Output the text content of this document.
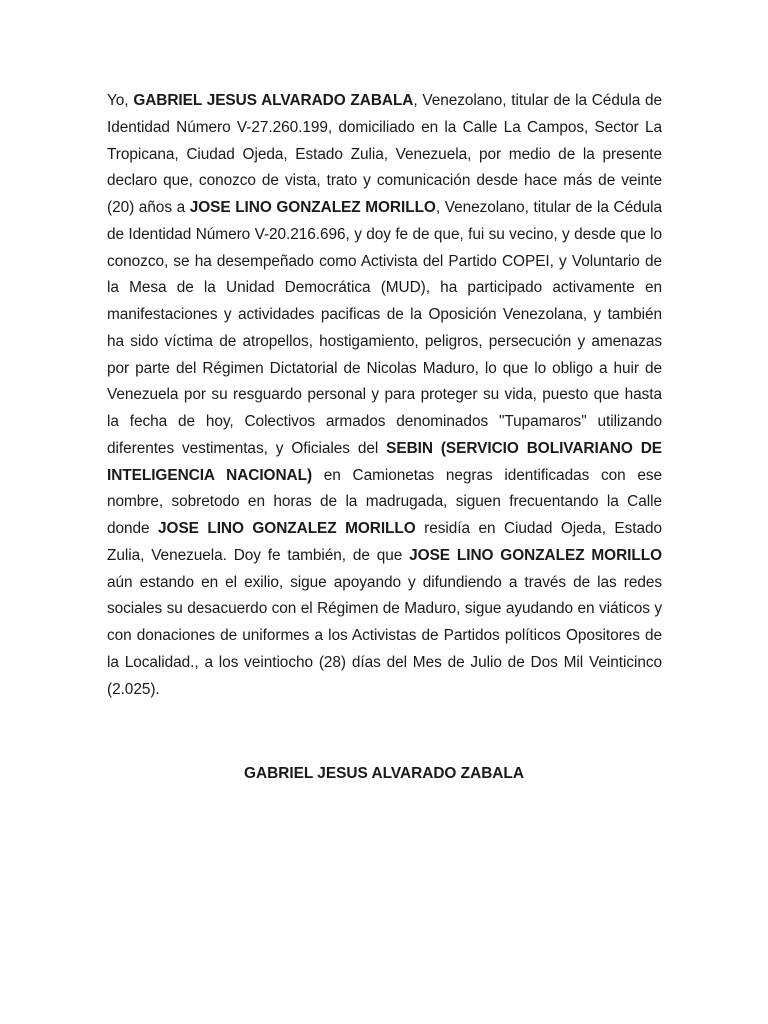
Yo, GABRIEL JESUS ALVARADO ZABALA, Venezolano, titular de la Cédula de Identidad Número V-27.260.199, domiciliado en la Calle La Campos, Sector La Tropicana, Ciudad Ojeda, Estado Zulia, Venezuela, por medio de la presente declaro que, conozco de vista, trato y comunicación desde hace más de veinte (20) años a JOSE LINO GONZALEZ MORILLO, Venezolano, titular de la Cédula de Identidad Número V-20.216.696, y doy fe de que, fui su vecino, y desde que lo conozco, se ha desempeñado como Activista del Partido COPEI, y Voluntario de la Mesa de la Unidad Democrática (MUD), ha participado activamente en manifestaciones y actividades pacificas de la Oposición Venezolana, y también ha sido víctima de atropellos, hostigamiento, peligros, persecución y amenazas por parte del Régimen Dictatorial de Nicolas Maduro, lo que lo obligo a huir de Venezuela por su resguardo personal y para proteger su vida, puesto que hasta la fecha de hoy, Colectivos armados denominados "Tupamaros" utilizando diferentes vestimentas, y Oficiales del SEBIN (SERVICIO BOLIVARIANO DE INTELIGENCIA NACIONAL) en Camionetas negras identificadas con ese nombre, sobretodo en horas de la madrugada, siguen frecuentando la Calle donde JOSE LINO GONZALEZ MORILLO residía en Ciudad Ojeda, Estado Zulia, Venezuela. Doy fe también, de que JOSE LINO GONZALEZ MORILLO aún estando en el exilio, sigue apoyando y difundiendo a través de las redes sociales su desacuerdo con el Régimen de Maduro, sigue ayudando en viáticos y con donaciones de uniformes a los Activistas de Partidos políticos Opositores de la Localidad., a los veintiocho (28) días del Mes de Julio de Dos Mil Veinticinco (2.025).

GABRIEL JESUS ALVARADO ZABALA
